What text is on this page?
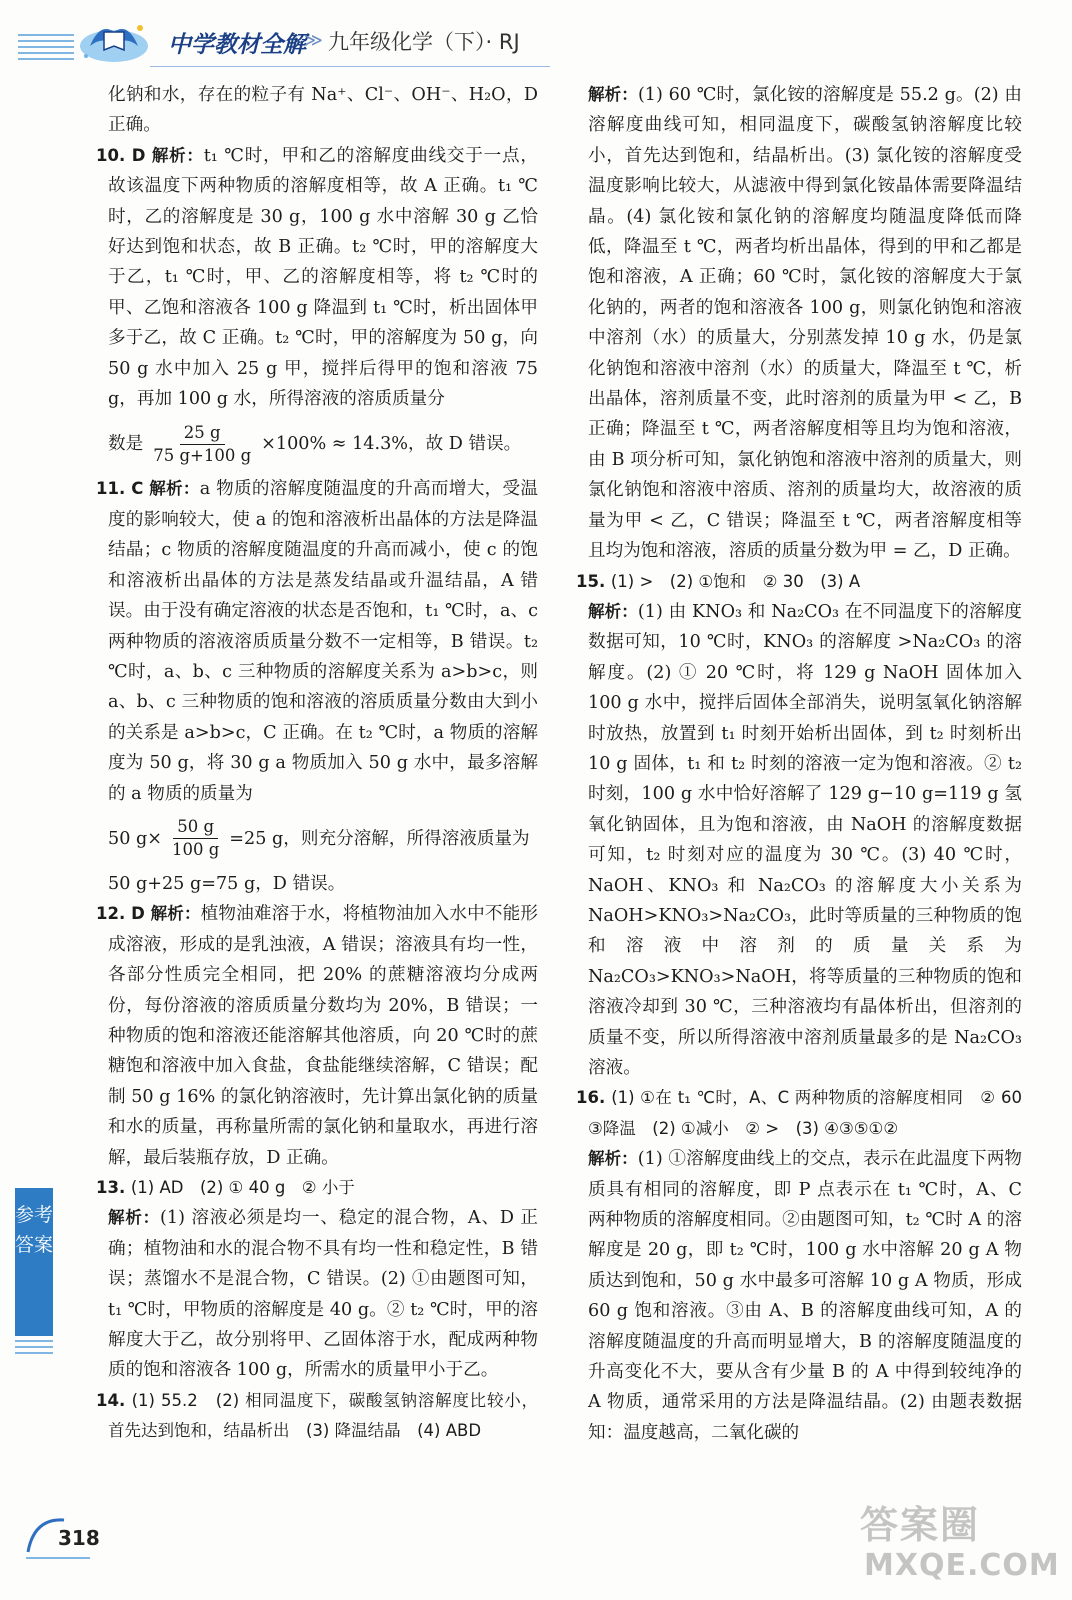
中学教材全解
≫ 九年级化学（下）· RJ

化钠和水，存在的粒子有 Na⁺、Cl⁻、OH⁻、H₂O，D 正确。

10. D 解析：t₁ ℃时，甲和乙的溶解度曲线交于一点，故该温度下两种物质的溶解度相等，故 A 正确。t₁ ℃时，乙的溶解度是 30 g，100 g 水中溶解 30 g 乙恰好达到饱和状态，故 B 正确。t₂ ℃时，甲的溶解度大于乙，t₁ ℃时，甲、乙的溶解度相等，将 t₂ ℃时的甲、乙饱和溶液各 100 g 降温到 t₁ ℃时，析出固体甲多于乙，故 C 正确。t₂ ℃时，甲的溶解度为 50 g，向 50 g 水中加入 25 g 甲，搅拌后得甲的饱和溶液 75 g，再加 100 g 水，所得溶液的溶质质量分

数是 $\frac{25 g}{75 g+100 g} \times 100\% \approx 14.3\%$，故 D 错误。

11. C 解析：a 物质的溶解度随温度的升高而增大，受温度的影响较大，使 a 的饱和溶液析出晶体的方法是降温结晶；c 物质的溶解度随温度的升高而减小，使 c 的饱和溶液析出晶体的方法是蒸发结晶或升温结晶，A 错误。由于没有确定溶液的状态是否饱和，t₁ ℃时，a、c 两种物质的溶液溶质质量分数不一定相等，B 错误。t₂ ℃时，a、b、c 三种物质的溶解度关系为 a>b>c，则 a、b、c 三种物质的饱和溶液的溶质质量分数由大到小的关系是 a>b>c，C 正确。在 t₂ ℃时，a 物质的溶解度为 50 g，将 30 g a 物质加入 50 g 水中，最多溶解的 a 物质的质量为

50 $g\times \frac{50 g}{100 g} =25$ g，则充分溶解，所得溶液质量为

50 g+25 g=75 g，D 错误。

12. D 解析：植物油难溶于水，将植物油加入水中不能形成溶液，形成的是乳浊液，A 错误；溶液具有均一性，各部分性质完全相同，把 20% 的蔗糖溶液均分成两份，每份溶液的溶质质量分数均为 20%，B 错误；一种物质的饱和溶液还能溶解其他溶质，向 20 ℃时的蔗糖饱和溶液中加入食盐，食盐能继续溶解，C 错误；配制 50 g 16% 的氯化钠溶液时，先计算出氯化钠的质量和水的质量，再称量所需的氯化钠和量取水，再进行溶解，最后装瓶存放，D 正确。

13. (1) AD　(2) ① 40 g　② 小于

解析：(1) 溶液必须是均一、稳定的混合物，A、D 正确；植物油和水的混合物不具有均一性和稳定性，B 错误；蒸馏水不是混合物，C 错误。(2) ①由题图可知，t₁ ℃时，甲物质的溶解度是 40 g。② t₂ ℃时，甲的溶解度大于乙，故分别将甲、乙固体溶于水，配成两种物质的饱和溶液各 100 g，所需水的质量甲小于乙。

14. (1) 55.2　(2) 相同温度下，碳酸氢钠溶解度比较小，首先达到饱和，结晶析出　(3) 降温结晶　(4) ABD

解析：(1) 60 ℃时，氯化铵的溶解度是 55.2 g。(2) 由溶解度曲线可知，相同温度下，碳酸氢钠溶解度比较小，首先达到饱和，结晶析出。(3) 氯化铵的溶解度受温度影响比较大，从滤液中得到氯化铵晶体需要降温结晶。(4) 氯化铵和氯化钠的溶解度均随温度降低而降低，降温至 t ℃，两者均析出晶体，得到的甲和乙都是饱和溶液，A 正确；60 ℃时，氯化铵的溶解度大于氯化钠的，两者的饱和溶液各 100 g，则氯化钠饱和溶液中溶剂（水）的质量大，分别蒸发掉 10 g 水，仍是氯化钠饱和溶液中溶剂（水）的质量大，降温至 t ℃，析出晶体，溶剂质量不变，此时溶剂的质量为甲 < 乙，B 正确；降温至 t ℃，两者溶解度相等且均为饱和溶液，由 B 项分析可知，氯化钠饱和溶液中溶剂的质量大，则氯化钠饱和溶液中溶质、溶剂的质量均大，故溶液的质量为甲 < 乙，C 错误；降温至 t ℃，两者溶解度相等且均为饱和溶液，溶质的质量分数为甲 = 乙，D 正确。

15. (1) >　(2) ①饱和　② 30　(3) A

解析：(1) 由 KNO₃ 和 Na₂CO₃ 在不同温度下的溶解度数据可知，10 ℃时，KNO₃ 的溶解度 >Na₂CO₃ 的溶解度。(2) ① 20 ℃时，将 129 g NaOH 固体加入 100 g 水中，搅拌后固体全部消失，说明氢氧化钠溶解时放热，放置到 t₁ 时刻开始析出固体，到 t₂ 时刻析出 10 g 固体，t₁ 和 t₂ 时刻的溶液一定为饱和溶液。② t₂ 时刻，100 g 水中恰好溶解了 129 g−10 g=119 g 氢氧化钠固体，且为饱和溶液，由 NaOH 的溶解度数据可知，t₂ 时刻对应的温度为 30 ℃。(3) 40 ℃时，NaOH、KNO₃ 和 Na₂CO₃ 的溶解度大小关系为 NaOH>KNO₃>Na₂CO₃，此时等质量的三种物质的饱和溶液中溶剂的质量关系为 Na₂CO₃>KNO₃>NaOH，将等质量的三种物质的饱和溶液冷却到 30 ℃，三种溶液均有晶体析出，但溶剂的质量不变，所以所得溶液中溶剂质量最多的是 Na₂CO₃ 溶液。

16. (1) ①在 t₁ ℃时，A、C 两种物质的溶解度相同　② 60　③降温　(2) ①减小　② >　(3) ④③⑤①②

解析：(1) ①溶解度曲线上的交点，表示在此温度下两物质具有相同的溶解度，即 P 点表示在 t₁ ℃时，A、C 两种物质的溶解度相同。②由题图可知，t₂ ℃时 A 的溶解度是 20 g，即 t₂ ℃时，100 g 水中溶解 20 g A 物质达到饱和，50 g 水中最多可溶解 10 g A 物质，形成 60 g 饱和溶液。③由 A、B 的溶解度曲线可知，A 的溶解度随温度的升高而明显增大，B 的溶解度随温度的升高变化不大，要从含有少量 B 的 A 中得到较纯净的 A 物质，通常采用的方法是降温结晶。(2) 由题表数据知：温度越高，二氧化碳的

参考答案
318	答案圈
MXQE.COM
